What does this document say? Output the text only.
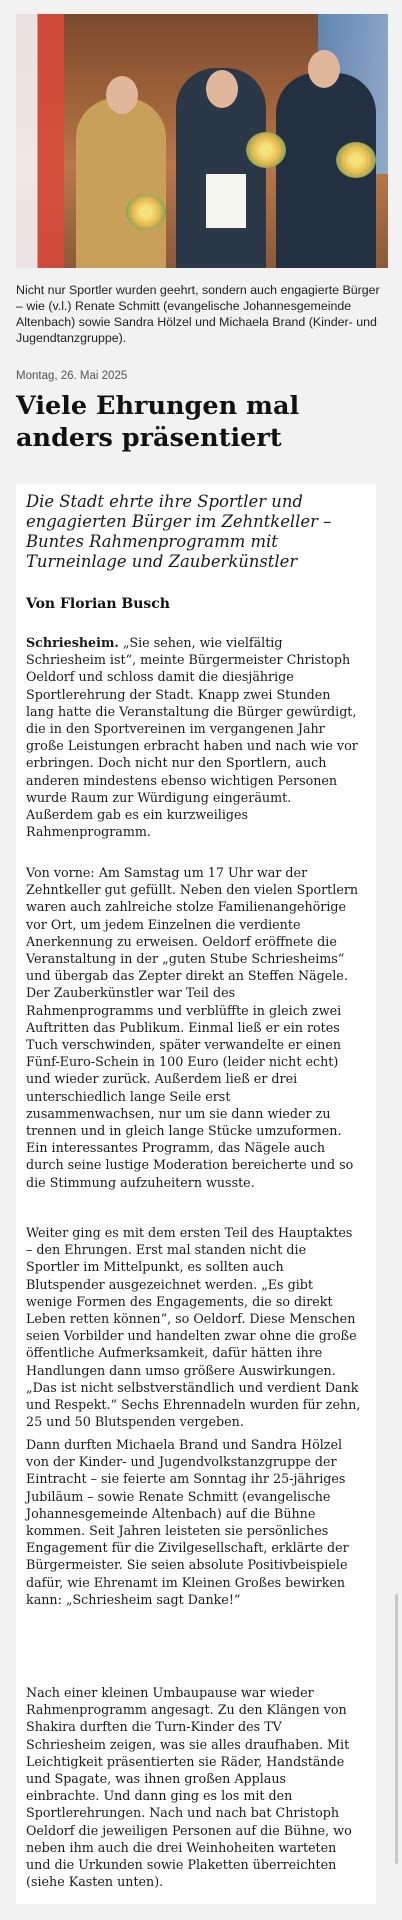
Nicht nur Sportler wurden geehrt, sondern auch engagierte Bürger – wie (v.l.) Renate Schmitt (evangelische Johannesgemeinde Altenbach) sowie Sandra Hölzel und Michaela Brand (Kinder- und Jugendtanzgruppe).
Montag, 26. Mai 2025
Viele Ehrungen mal anders präsentiert

Die Stadt ehrte ihre Sportler und engagierten Bürger im Zehntkeller – Buntes Rahmenprogramm mit Turneinlage und Zauberkünstler

Von Florian Busch

Schriesheim. „Sie sehen, wie vielfältig Schriesheim ist“, meinte Bürgermeister Christoph Oeldorf und schloss damit die diesjährige Sportlerehrung der Stadt. Knapp zwei Stunden lang hatte die Veranstaltung die Bürger gewürdigt, die in den Sportvereinen im vergangenen Jahr große Leistungen erbracht haben und nach wie vor erbringen. Doch nicht nur den Sportlern, auch anderen mindestens ebenso wichtigen Personen wurde Raum zur Würdigung eingeräumt. Außerdem gab es ein kurzweiliges Rahmenprogramm.

Von vorne: Am Samstag um 17 Uhr war der Zehntkeller gut gefüllt. Neben den vielen Sportlern waren auch zahlreiche stolze Familienangehörige vor Ort, um jedem Einzelnen die verdiente Anerkennung zu erweisen. Oeldorf eröffnete die Veranstaltung in der „guten Stube Schriesheims“ und übergab das Zepter direkt an Steffen Nägele. Der Zauberkünstler war Teil des Rahmenprogramms und verblüffte in gleich zwei Auftritten das Publikum. Einmal ließ er ein rotes Tuch verschwinden, später verwandelte er einen Fünf-Euro-Schein in 100 Euro (leider nicht echt) und wieder zurück. Außerdem ließ er drei unterschiedlich lange Seile erst zusammenwachsen, nur um sie dann wieder zu trennen und in gleich lange Stücke umzuformen. Ein interessantes Programm, das Nägele auch durch seine lustige Moderation bereicherte und so die Stimmung aufzuheitern wusste.

Weiter ging es mit dem ersten Teil des Hauptaktes – den Ehrungen. Erst mal standen nicht die Sportler im Mittelpunkt, es sollten auch Blutspender ausgezeichnet werden. „Es gibt wenige Formen des Engagements, die so direkt Leben retten können“, so Oeldorf. Diese Menschen seien Vorbilder und handelten zwar ohne die große öffentliche Aufmerksamkeit, dafür hätten ihre Handlungen dann umso größere Auswirkungen. „Das ist nicht selbstverständlich und verdient Dank und Respekt.“ Sechs Ehrennadeln wurden für zehn, 25 und 50 Blutspenden vergeben.

Dann durften Michaela Brand und Sandra Hölzel von der Kinder- und Jugendvolkstanzgruppe der Eintracht – sie feierte am Sonntag ihr 25-jähriges Jubiläum – sowie Renate Schmitt (evangelische Johannesgemeinde Altenbach) auf die Bühne kommen. Seit Jahren leisteten sie persönliches Engagement für die Zivilgesellschaft, erklärte der Bürgermeister. Sie seien absolute Positivbeispiele dafür, wie Ehrenamt im Kleinen Großes bewirken kann: „Schriesheim sagt Danke!“

Nach einer kleinen Umbaupause war wieder Rahmenprogramm angesagt. Zu den Klängen von Shakira durften die Turn-Kinder des TV Schriesheim zeigen, was sie alles draufhaben. Mit Leichtigkeit präsentierten sie Räder, Handstände und Spagate, was ihnen großen Applaus einbrachte. Und dann ging es los mit den Sportlerehrungen. Nach und nach bat Christoph Oeldorf die jeweiligen Personen auf die Bühne, wo neben ihm auch die drei Weinhoheiten warteten und die Urkunden sowie Plaketten überreichten (siehe Kasten unten).
